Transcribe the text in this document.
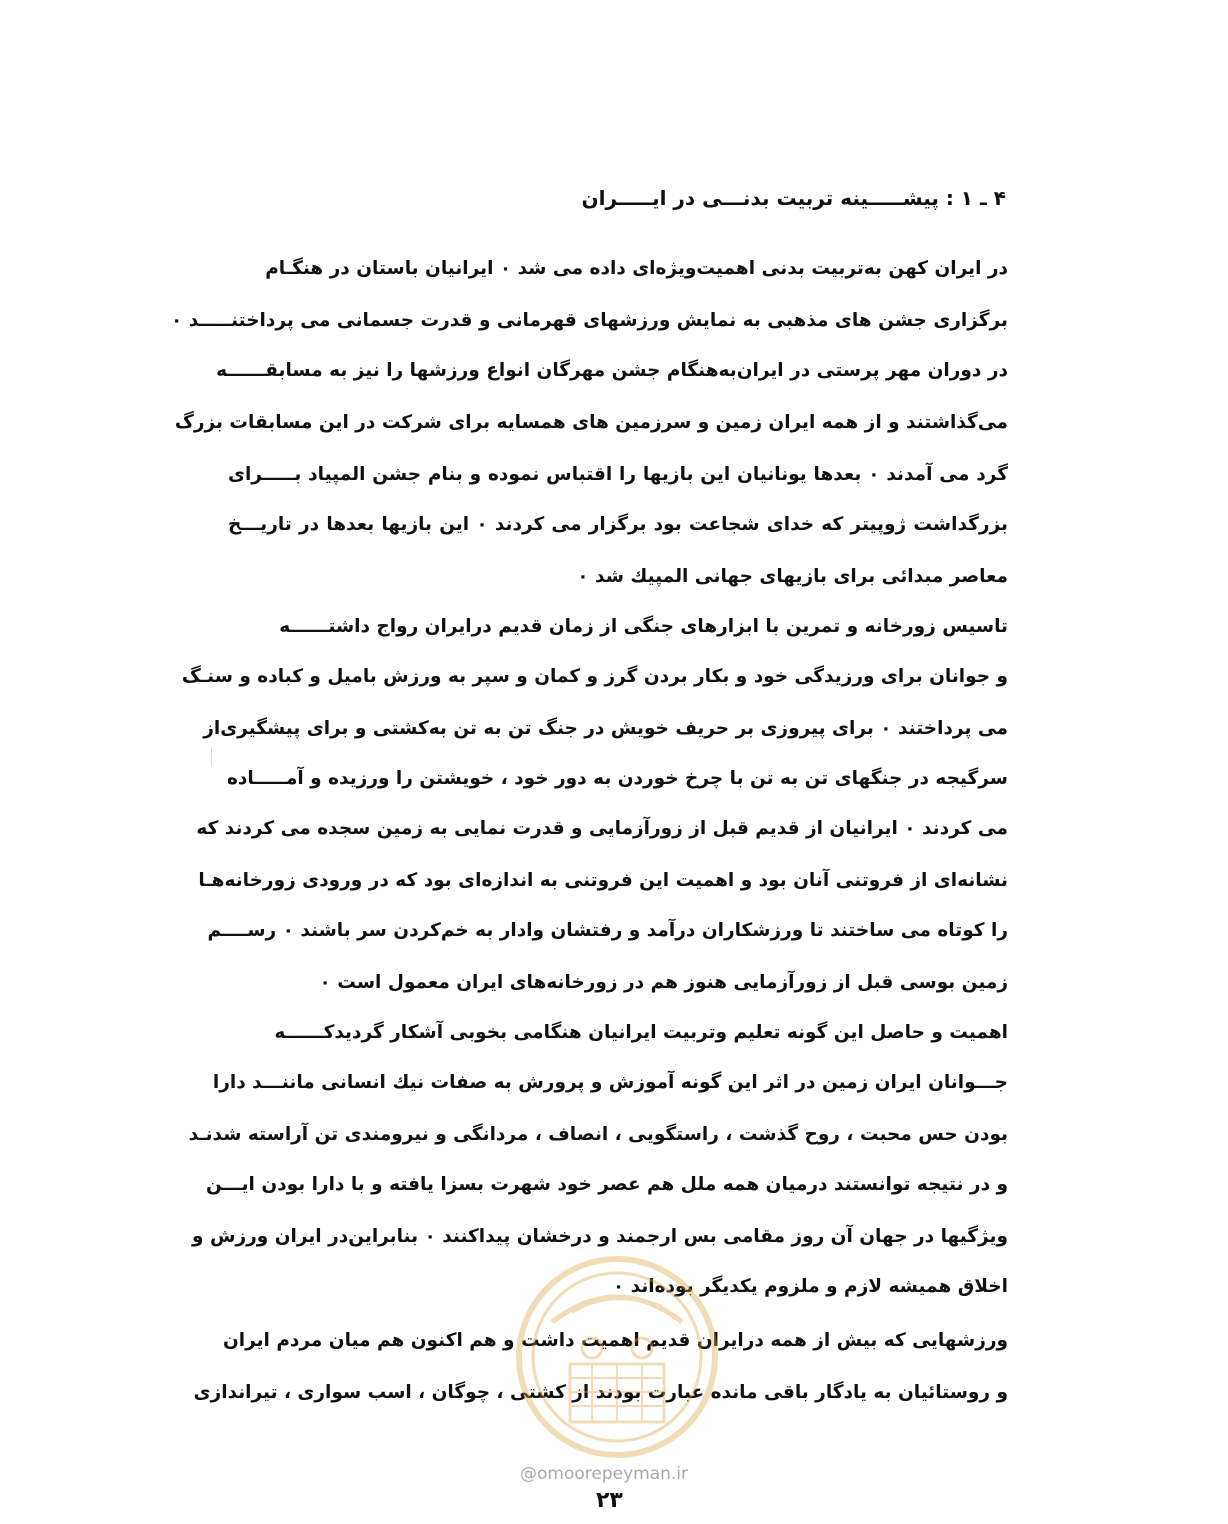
۴ ـ ۱ : پیشـــــینه تربیت بدنـــی در ایـــــران
در ایران کهن به‌تربیت بدنی اهمیت‌ویژه‌ای داده می شد ۰ ایرانیان باستان در هنگـام
برگزاری جشن های مذهبی به نمایش ورزشهای قهرمانی و قدرت جسمانی می پرداختنـــــد ۰
در دوران مهر پرستی در ایران‌به‌هنگام جشن مهرگان انواع ورزشها را نیز به مسابقــــــه
می‌گذاشتند و از همه ایران زمین و سرزمین های همسایه برای شرکت در این مسابقات بزرگ
گرد می آمدند ۰ بعدها یونانیان این بازیها را اقتباس نموده و بنام جشن المپیاد بـــــرای
بزرگداشت ژوپیتر که خدای شجاعت بود برگزار می کردند ۰ این بازیها بعدها در تاریـــخ
معاصر مبدائی برای بازیهای جهانی المپیك شد ۰
تاسیس زورخانه و تمرین با ابزارهای جنگی از زمان قدیم درایران رواج داشتــــــه
و جوانان برای ورزیدگی خود و بکار بردن گرز و کمان و سپر به ورزش بامیل و کباده و سنـگ
می پرداختند ۰ برای پیروزی بر حریف خویش در جنگ تن به تن به‌کشتی و برای پیشگیری‌از
سرگیجه در جنگهای تن به تن با چرخ خوردن به دور خود ، خویشتن را ورزیده و آمـــــاده
می کردند ۰ ایرانیان از قدیم قبل از زورآزمایی و قدرت نمایی به زمین سجده می کردند که
نشانه‌ای از فروتنی آنان بود و اهمیت این فروتنی به اندازه‌ای بود که در ورودی زورخانه‌هـا
را کوتاه می ساختند تا ورزشکاران درآمد و رفتشان وادار به خم‌کردن سر باشند ۰ رســــم
زمین بوسی قبل از زورآزمایی هنوز هم در زورخانه‌های ایران معمول است ۰
اهمیت و حاصل این گونه تعلیم وتربیت ایرانیان هنگامی بخوبی آشکار گردیدکــــــه
جـــوانان ایران زمین در اثر این گونه آموزش و پرورش به صفات نیك انسانی ماننـــد دارا
بودن حس محبت ، روح گذشت ، راستگویی ، انصاف ، مردانگی و نیرومندی تن آراسته شدنـد
و در نتیجه توانستند درمیان همه ملل هم عصر خود شهرت بسزا یافته و با دارا بودن ایـــن
ویژگیها در جهان آن روز مقامی بس ارجمند و درخشان پیداکنند ۰ بنابراین‌در ایران ورزش و
اخلاق همیشه لازم و ملزوم یکدیگر بوده‌اند ۰
ورزشهایی که بیش از همه درایران قدیم اهمیت داشت و هم اکنون هم میان مردم ایران
و روستائیان به یادگار باقی مانده عبارت بودند از کشتی ، چوگان ، اسب سواری ، تیراندازی
@omoorepeyman.ir
۲۳
